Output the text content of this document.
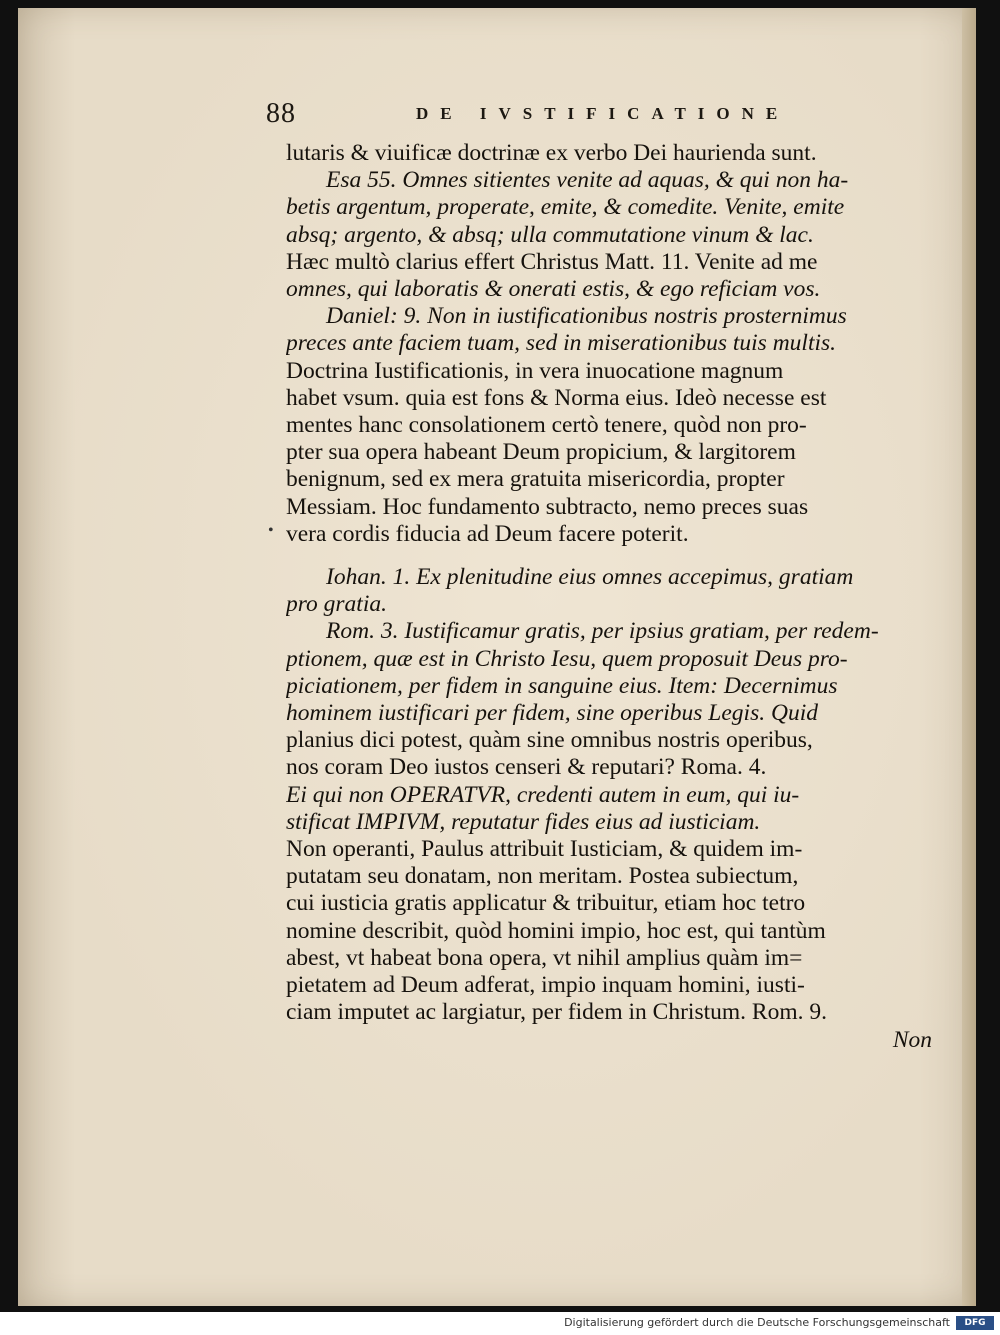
88	DE IVSTIFICATIONE
•
lutaris & viuificæ doctrinæ ex verbo Dei haurienda sunt.
Esa 55. Omnes sitientes venite ad aquas, & qui non ha-
betis argentum, properate, emite, & comedite. Venite, emite
absq; argento, & absq; ulla commutatione vinum & lac.
Hæc multò clarius effert Christus Matt. 11. Venite ad me
omnes, qui laboratis & onerati estis, & ego reficiam vos.
Daniel: 9. Non in iustificationibus nostris prosternimus
preces ante faciem tuam, sed in miserationibus tuis multis.
Doctrina Iustificationis, in vera inuocatione magnum
habet vsum. quia est fons & Norma eius. Ideò necesse est
mentes hanc consolationem certò tenere, quòd non pro-
pter sua opera habeant Deum propicium, & largitorem
benignum, sed ex mera gratuita misericordia, propter
Messiam. Hoc fundamento subtracto, nemo preces suas
vera cordis fiducia ad Deum facere poterit.
Iohan. 1. Ex plenitudine eius omnes accepimus, gratiam
pro gratia.
Rom. 3. Iustificamur gratis, per ipsius gratiam, per redem-
ptionem, quæ est in Christo Iesu, quem proposuit Deus pro-
piciationem, per fidem in sanguine eius. Item: Decernimus
hominem iustificari per fidem, sine operibus Legis. Quid
planius dici potest, quàm sine omnibus nostris operibus,
nos coram Deo iustos censeri & reputari? Roma. 4.
Ei qui non OPERATVR, credenti autem in eum, qui iu-
stificat IMPIVM, reputatur fides eius ad iusticiam.
Non operanti, Paulus attribuit Iusticiam, & quidem im-
putatam seu donatam, non meritam. Postea subiectum,
cui iusticia gratis applicatur & tribuitur, etiam hoc tetro
nomine describit, quòd homini impio, hoc est, qui tantùm
abest, vt habeat bona opera, vt nihil amplius quàm im=
pietatem ad Deum adferat, impio inquam homini, iusti-
ciam imputet ac largiatur, per fidem in Christum. Rom. 9.
Non
Digitalisierung gefördert durch die Deutsche Forschungsgemeinschaft	DFG
